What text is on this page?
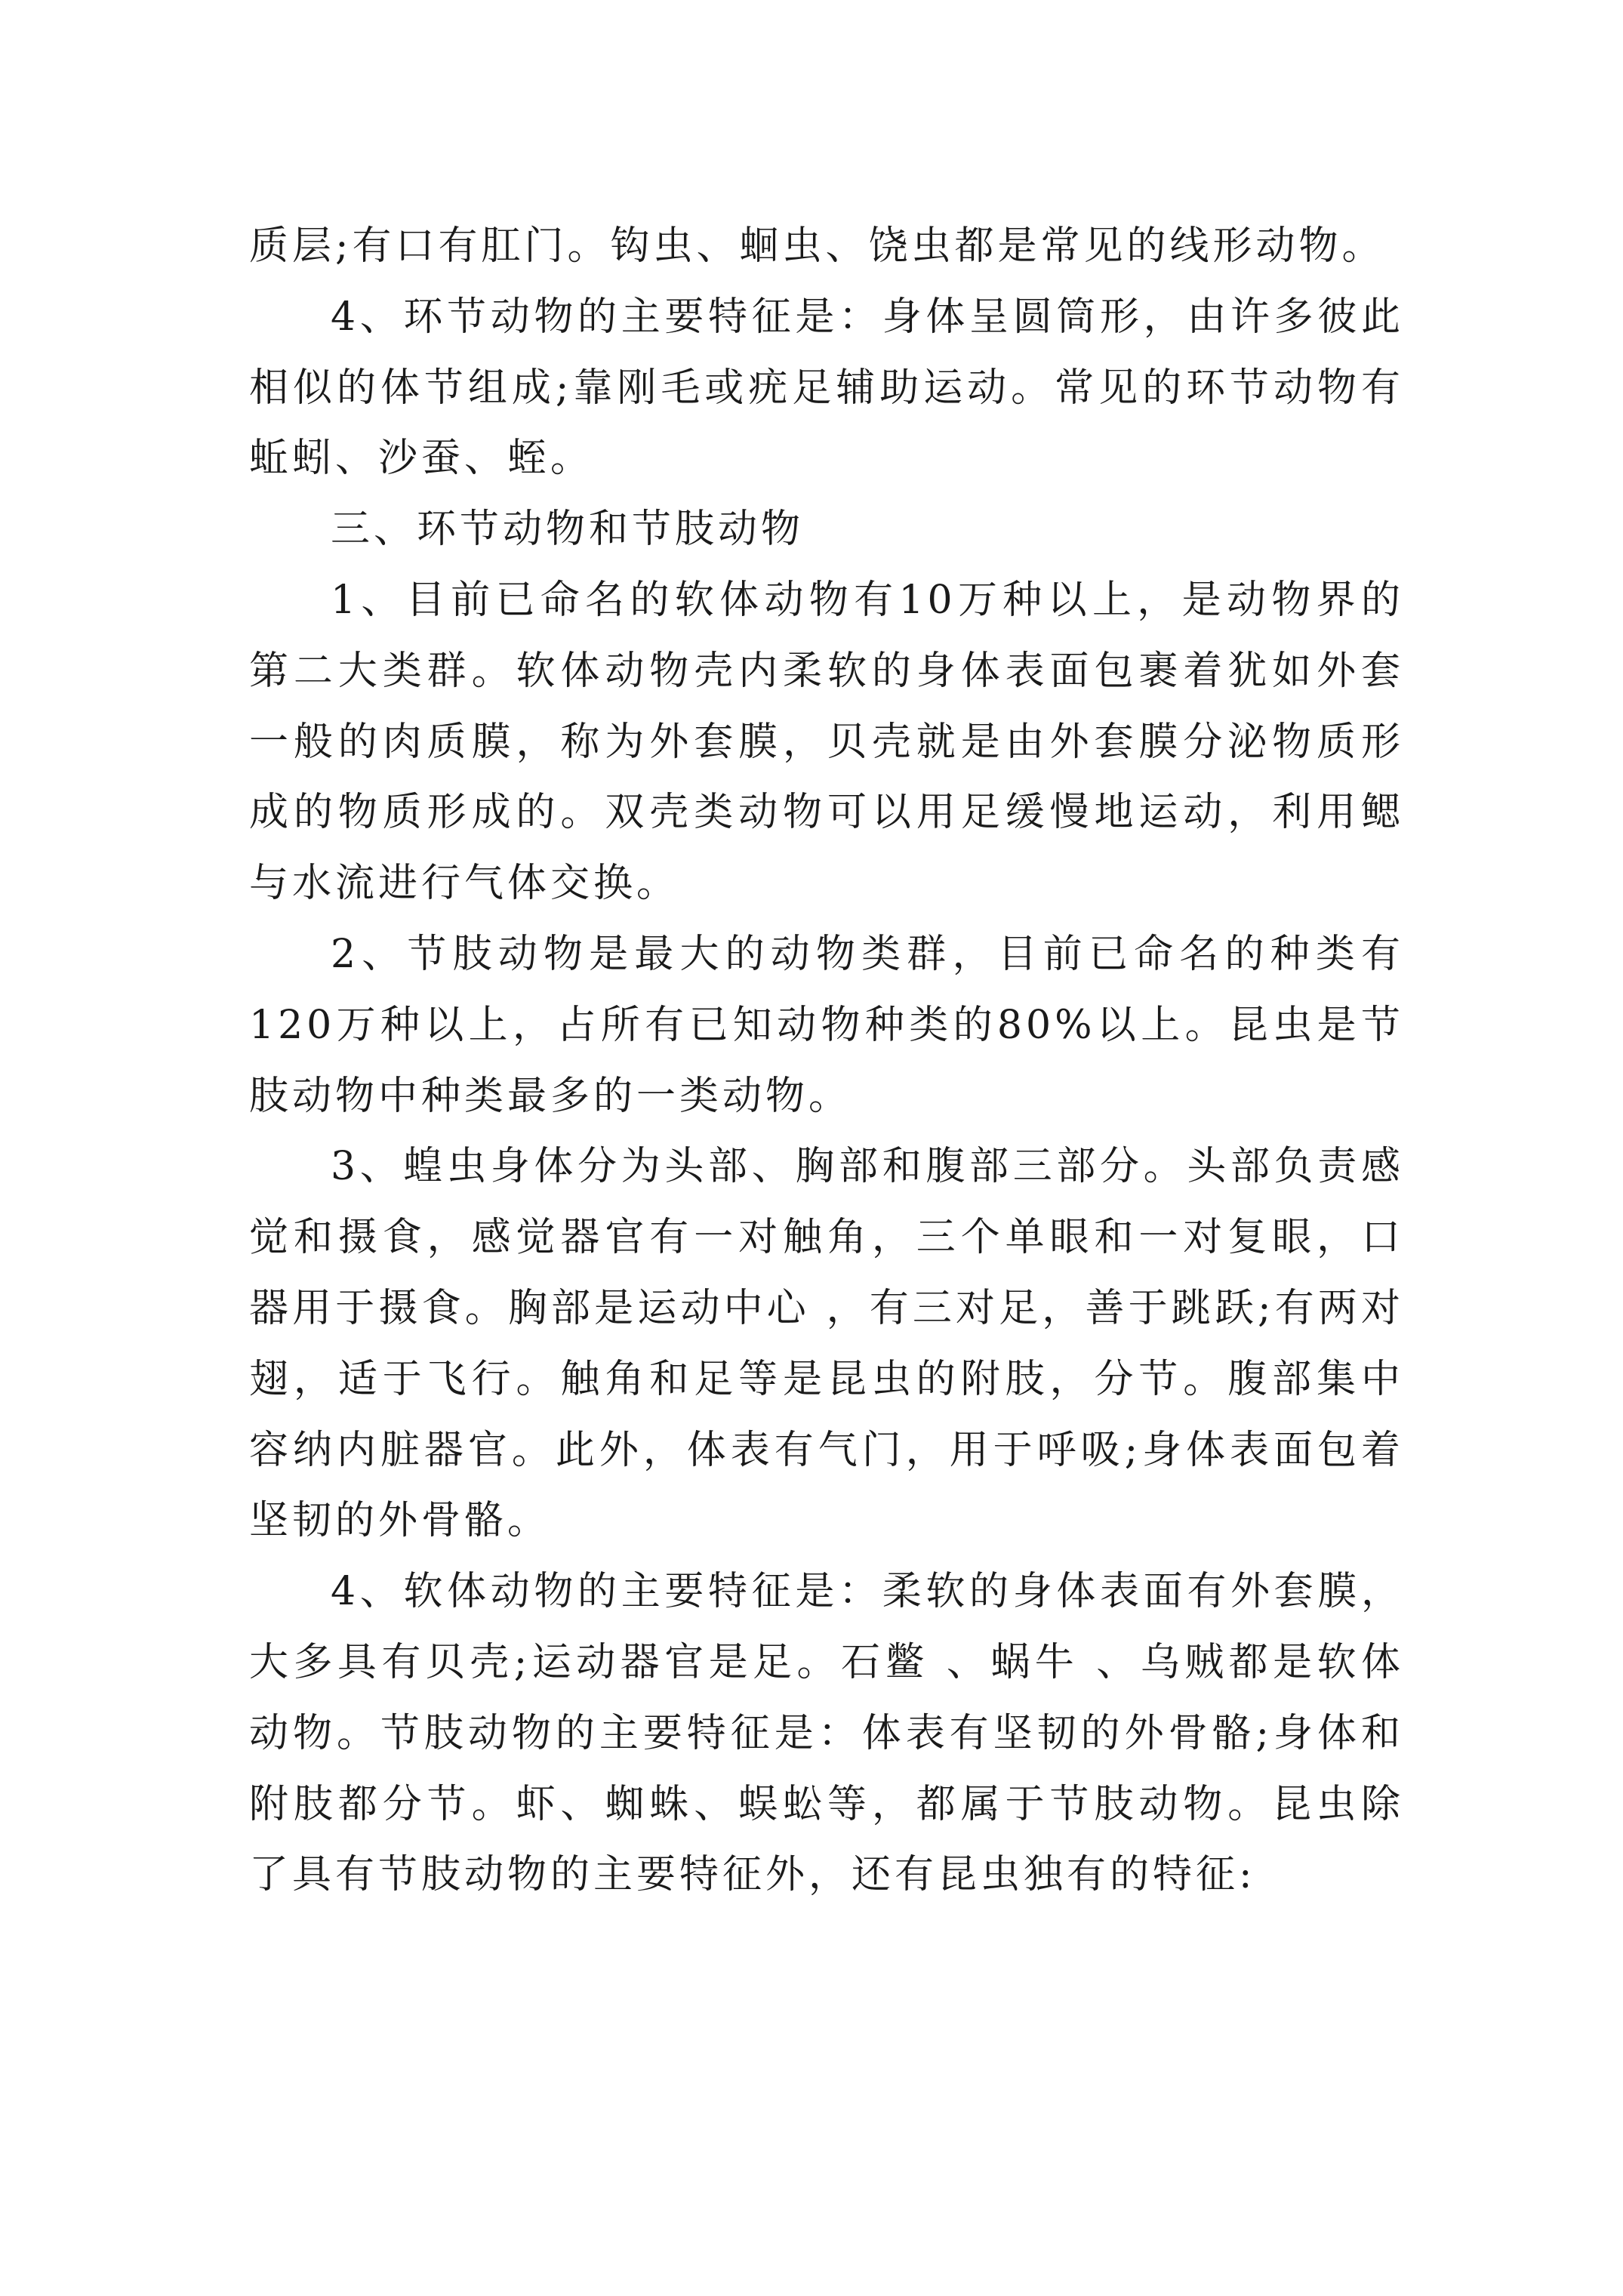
质层;有口有肛门。钩虫、蛔虫、饶虫都是常见的线形动物。

4、环节动物的主要特征是：身体呈圆筒形，由许多彼此相似的体节组成;靠刚毛或疣足辅助运动。常见的环节动物有蚯蚓、沙蚕、蛭。

三、环节动物和节肢动物

1、目前已命名的软体动物有10万种以上，是动物界的第二大类群。软体动物壳内柔软的身体表面包裹着犹如外套一般的肉质膜，称为外套膜，贝壳就是由外套膜分泌物质形成的物质形成的。双壳类动物可以用足缓慢地运动，利用鳃与水流进行气体交换。

2、节肢动物是最大的动物类群，目前已命名的种类有120万种以上，占所有已知动物种类的80%以上。昆虫是节肢动物中种类最多的一类动物。

3、蝗虫身体分为头部、胸部和腹部三部分。头部负责感觉和摄食，感觉器官有一对触角，三个单眼和一对复眼，口器用于摄食。胸部是运动中心 ，有三对足，善于跳跃;有两对翅，适于飞行。触角和足等是昆虫的附肢，分节。腹部集中容纳内脏器官。此外，体表有气门，用于呼吸;身体表面包着坚韧的外骨骼。

4、软体动物的主要特征是：柔软的身体表面有外套膜，大多具有贝壳;运动器官是足。石鳖 、蜗牛 、乌贼都是软体动物。节肢动物的主要特征是：体表有坚韧的外骨骼;身体和附肢都分节。虾、蜘蛛、蜈蚣等，都属于节肢动物。昆虫除了具有节肢动物的主要特征外，还有昆虫独有的特征:
